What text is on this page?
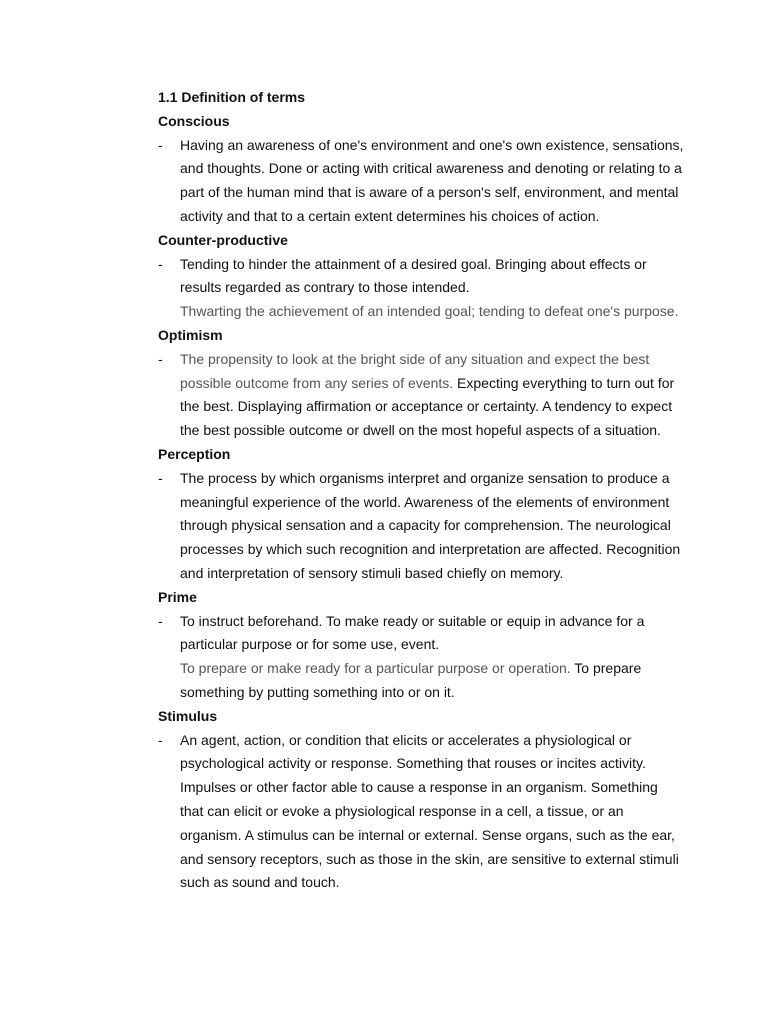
1.1 Definition of terms

Conscious

-	Having an awareness of one's environment and one's own existence, sensations,
and thoughts. Done or acting with critical awareness and denoting or relating to a
part of the human mind that is aware of a person's self, environment, and mental
activity and that to a certain extent determines his choices of action.

Counter-productive

-	Tending to hinder the attainment of a desired goal. Bringing about effects or
results regarded as contrary to those intended.
Thwarting the achievement of an intended goal; tending to defeat one's purpose.

Optimism

-	The propensity to look at the bright side of any situation and expect the best
possible outcome from any series of events. Expecting everything to turn out for
the best. Displaying affirmation or acceptance or certainty. A tendency to expect
the best possible outcome or dwell on the most hopeful aspects of a situation.

Perception

-	The process by which organisms interpret and organize sensation to produce a
meaningful experience of the world. Awareness of the elements of environment
through physical sensation and a capacity for comprehension. The neurological
processes by which such recognition and interpretation are affected. Recognition
and interpretation of sensory stimuli based chiefly on memory.

Prime

-	To instruct beforehand. To make ready or suitable or equip in advance for a
particular purpose or for some use, event.
To prepare or make ready for a particular purpose or operation. To prepare
something by putting something into or on it.

Stimulus

-	An agent, action, or condition that elicits or accelerates a physiological or
psychological activity or response. Something that rouses or incites activity.
Impulses or other factor able to cause a response in an organism. Something
that can elicit or evoke a physiological response in a cell, a tissue, or an
organism. A stimulus can be internal or external. Sense organs, such as the ear,
and sensory receptors, such as those in the skin, are sensitive to external stimuli
such as sound and touch.
